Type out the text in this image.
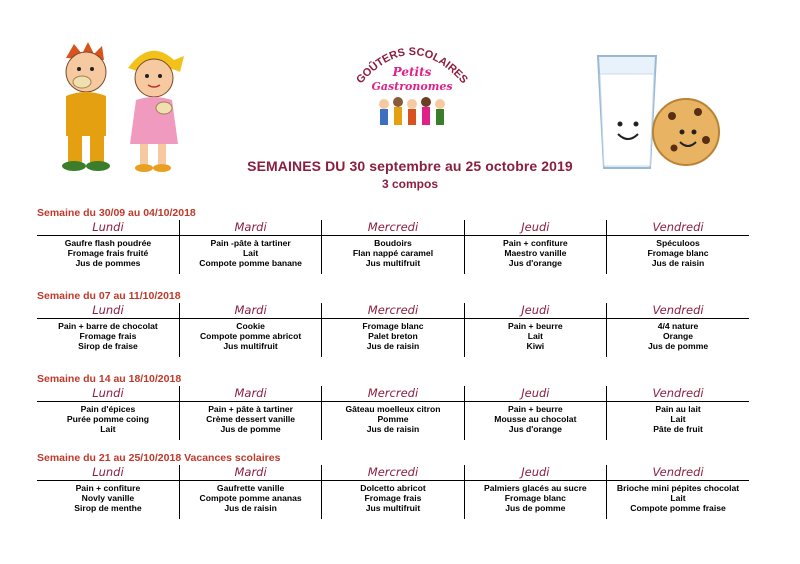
GOÛTERS SCOLAIRES
Petits
Gastronomes
SEMAINES DU 30 septembre au 25 octobre 2019
3 compos
Semaine du 30/09 au 04/10/2018
Lundi	Mardi	Mercredi	Jeudi	Vendredi

Gaufre flash poudrée
Fromage frais fruité
Jus de pommes	Pain -pâte à tartiner
Lait
Compote pomme banane	Boudoirs
Flan nappé caramel
Jus multifruit	Pain + confiture
Maestro vanille
Jus d'orange	Spéculoos
Fromage blanc
Jus de raisin
Semaine du 07 au 11/10/2018
Lundi	Mardi	Mercredi	Jeudi	Vendredi

Pain + barre de chocolat
Fromage frais
Sirop de fraise	Cookie
Compote pomme abricot
Jus multifruit	Fromage blanc
Palet breton
Jus de raisin	Pain + beurre
Lait
Kiwi	4/4 nature
Orange
Jus de pomme
Semaine du 14 au 18/10/2018
Lundi	Mardi	Mercredi	Jeudi	Vendredi

Pain d'épices
Purée pomme coing
Lait	Pain + pâte à tartiner
Crème dessert vanille
Jus de pomme	Gâteau moelleux citron
Pomme
Jus de raisin	Pain + beurre
Mousse au chocolat
Jus d'orange	Pain au lait
Lait
Pâte de fruit
Semaine du 21 au 25/10/2018 Vacances scolaires
Lundi	Mardi	Mercredi	Jeudi	Vendredi

Pain + confiture
Novly vanille
Sirop de menthe	Gaufrette vanille
Compote pomme ananas
Jus de raisin	Dolcetto abricot
Fromage frais
Jus multifruit	Palmiers glacés au sucre
Fromage blanc
Jus de pomme	Brioche mini pépites chocolat
Lait
Compote pomme fraise
